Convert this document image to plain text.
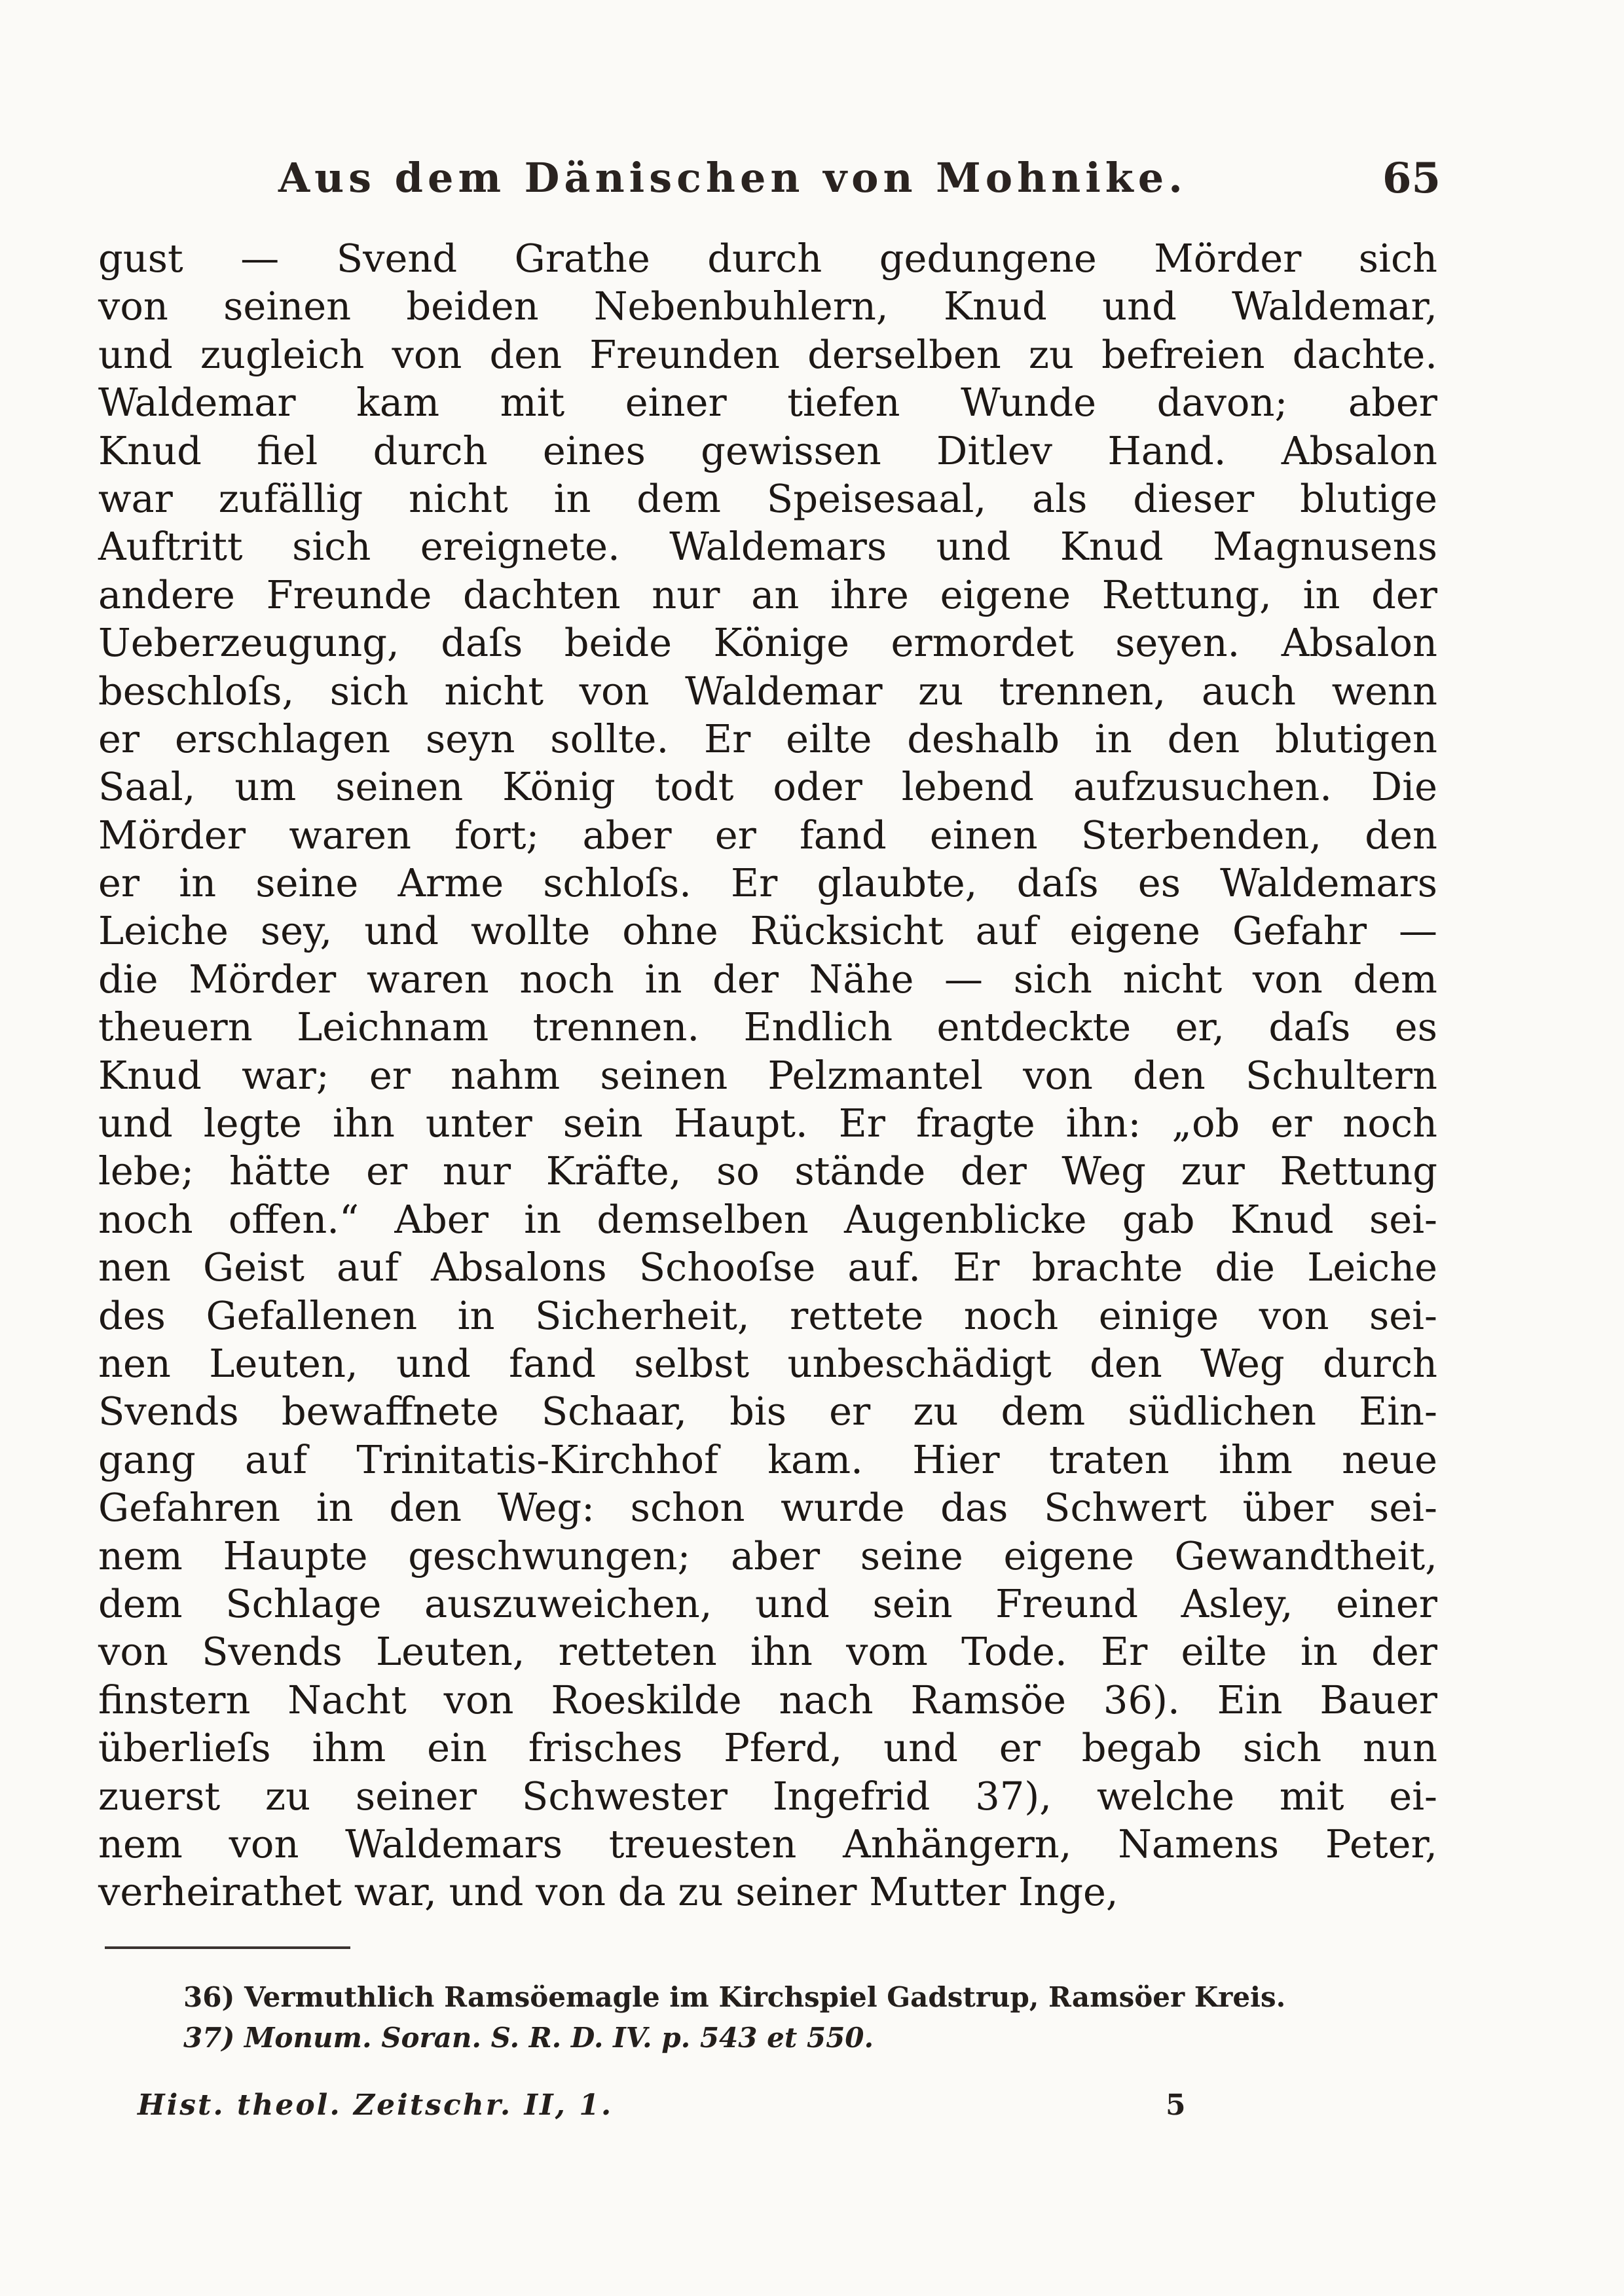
Aus dem Dänischen von Mohnike.	65
gust — Svend Grathe durch gedungene Mörder sich
von seinen beiden Nebenbuhlern, Knud und Waldemar,
und zugleich von den Freunden derselben zu befreien dachte.
Waldemar kam mit einer tiefen Wunde davon; aber
Knud fiel durch eines gewissen Ditlev Hand. Absalon
war zufällig nicht in dem Speisesaal, als dieser blutige
Auftritt sich ereignete. Waldemars und Knud Magnusens
andere Freunde dachten nur an ihre eigene Rettung, in der
Ueberzeugung, daſs beide Könige ermordet seyen. Absalon
beschloſs, sich nicht von Waldemar zu trennen, auch wenn
er erschlagen seyn sollte. Er eilte deshalb in den blutigen
Saal, um seinen König todt oder lebend aufzusuchen. Die
Mörder waren fort; aber er fand einen Sterbenden, den
er in seine Arme schloſs. Er glaubte, daſs es Waldemars
Leiche sey, und wollte ohne Rücksicht auf eigene Gefahr —
die Mörder waren noch in der Nähe — sich nicht von dem
theuern Leichnam trennen. Endlich entdeckte er, daſs es
Knud war; er nahm seinen Pelzmantel von den Schultern
und legte ihn unter sein Haupt. Er fragte ihn: „ob er noch
lebe; hätte er nur Kräfte, so stände der Weg zur Rettung
noch offen.“ Aber in demselben Augenblicke gab Knud sei-
nen Geist auf Absalons Schooſse auf. Er brachte die Leiche
des Gefallenen in Sicherheit, rettete noch einige von sei-
nen Leuten, und fand selbst unbeschädigt den Weg durch
Svends bewaffnete Schaar, bis er zu dem südlichen Ein-
gang auf Trinitatis-Kirchhof kam. Hier traten ihm neue
Gefahren in den Weg: schon wurde das Schwert über sei-
nem Haupte geschwungen; aber seine eigene Gewandtheit,
dem Schlage auszuweichen, und sein Freund Asley, einer
von Svends Leuten, retteten ihn vom Tode. Er eilte in der
finstern Nacht von Roeskilde nach Ramsöe 36). Ein Bauer
überlieſs ihm ein frisches Pferd, und er begab sich nun
zuerst zu seiner Schwester Ingefrid 37), welche mit ei-
nem von Waldemars treuesten Anhängern, Namens Peter,
verheirathet war, und von da zu seiner Mutter Inge,
36) Vermuthlich Ramsöemagle im Kirchspiel Gadstrup, Ramsöer Kreis.
37) Monum. Soran. S. R. D. IV. p. 543 et 550.
Hist. theol. Zeitschr. II, 1.	5
